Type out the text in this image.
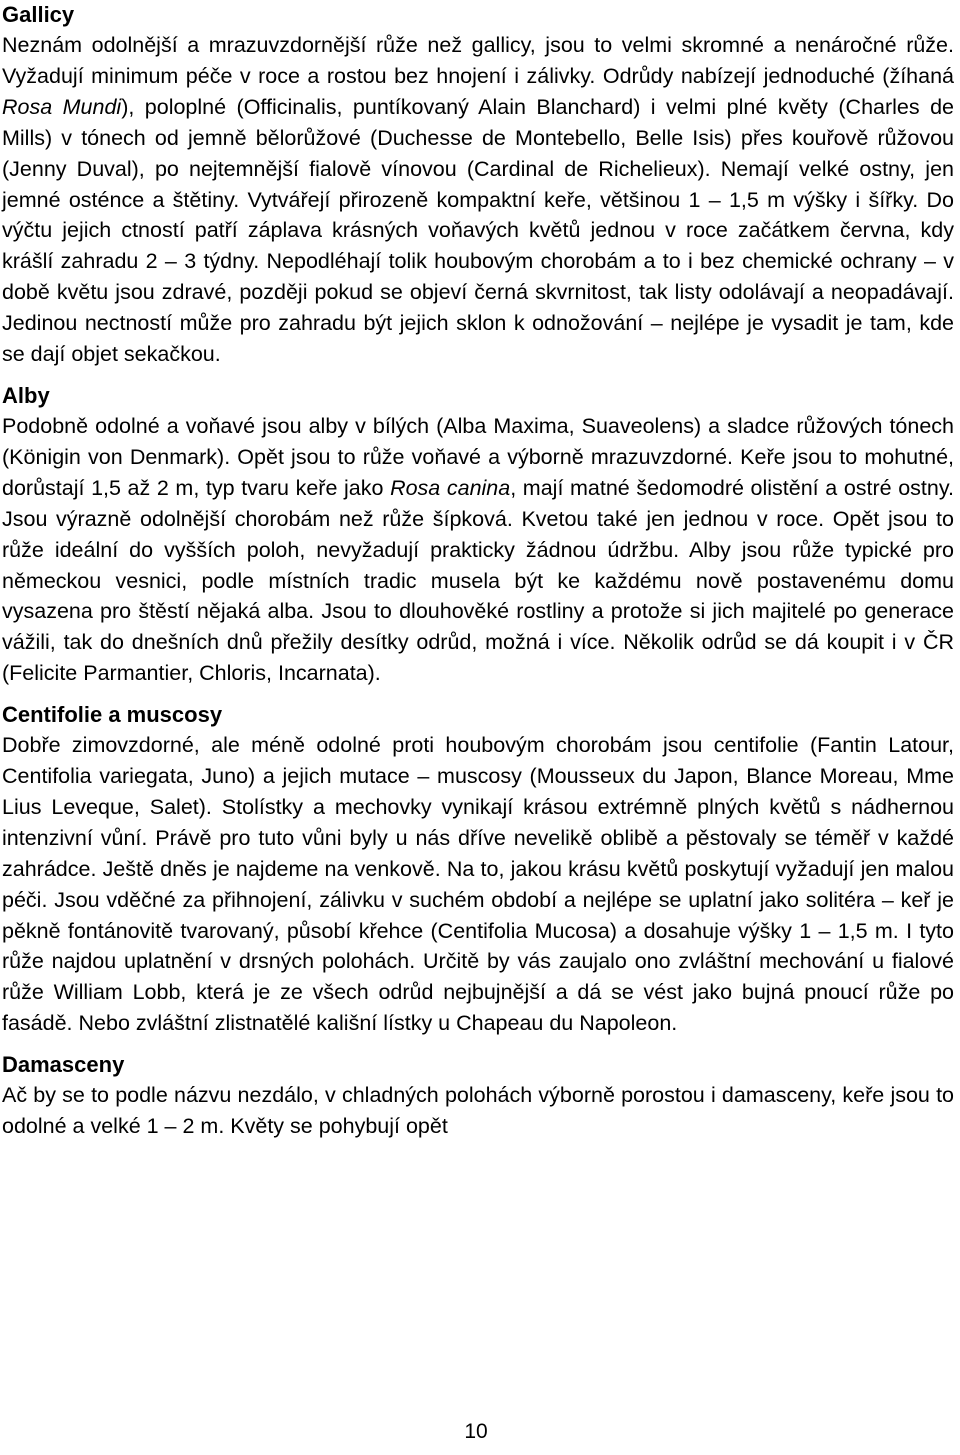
Gallicy

Neznám odolnější a mrazuvzdornější růže než gallicy, jsou to velmi skromné a nenáročné růže. Vyžadují minimum péče v roce a rostou bez hnojení i zálivky. Odrůdy nabízejí jednoduché (žíhaná Rosa Mundi), poloplné (Officinalis, puntíkovaný Alain Blanchard) i velmi plné květy (Charles de Mills) v tónech od jemně bělorůžové (Duchesse de Montebello, Belle Isis) přes kouřově růžovou (Jenny Duval), po nejtemnější fialově vínovou (Cardinal de Richelieux). Nemají velké ostny, jen jemné osténce a štětiny. Vytvářejí přirozeně kompaktní keře, většinou 1 – 1,5 m výšky i šířky. Do výčtu jejich ctností patří záplava krásných voňavých květů jednou v roce začátkem června, kdy krášlí zahradu 2 – 3 týdny. Nepodléhají tolik houbovým chorobám a to i bez chemické ochrany – v době květu jsou zdravé, později pokud se objeví černá skvrnitost, tak listy odolávají a neopadávají. Jedinou nectností může pro zahradu být jejich sklon k odnožování – nejlépe je vysadit je tam, kde se dají objet sekačkou.

Alby

Podobně odolné a voňavé jsou alby v bílých (Alba Maxima, Suaveolens) a sladce růžových tónech (Königin von Denmark). Opět jsou to růže voňavé a výborně mrazuvzdorné. Keře jsou to mohutné, dorůstají 1,5 až 2 m, typ tvaru keře jako Rosa canina, mají matné šedomodré olistění a ostré ostny. Jsou výrazně odolnější chorobám než růže šípková. Kvetou také jen jednou v roce. Opět jsou to růže ideální do vyšších poloh, nevyžadují prakticky žádnou údržbu. Alby jsou růže typické pro německou vesnici, podle místních tradic musela být ke každému nově postavenému domu vysazena pro štěstí nějaká alba. Jsou to dlouhověké rostliny a protože si jich majitelé po generace vážili, tak do dnešních dnů přežily desítky odrůd, možná i více. Několik odrůd se dá koupit i v ČR (Felicite Parmantier, Chloris, Incarnata).

Centifolie a muscosy

Dobře zimovzdorné, ale méně odolné proti houbovým chorobám jsou centifolie (Fantin Latour, Centifolia variegata, Juno) a jejich mutace – muscosy (Mousseux du Japon, Blance Moreau, Mme Lius Leveque, Salet). Stolístky a mechovky vynikají krásou extrémně plných květů s nádhernou intenzivní vůní. Právě pro tuto vůni byly u nás dříve nevelikě oblibě a pěstovaly se téměř v každé zahrádce. Ještě dněs je najdeme na venkově. Na to, jakou krásu květů poskytují vyžadují jen malou péči. Jsou vděčné za přihnojení, zálivku v suchém období a nejlépe se uplatní jako solitéra – keř je pěkně fontánovitě tvarovaný, působí křehce (Centifolia Mucosa) a dosahuje výšky 1 – 1,5 m. I tyto růže najdou uplatnění v drsných polohách. Určitě by vás zaujalo ono zvláštní mechování u fialové růže William Lobb, která je ze všech odrůd nejbujnější a dá se vést jako bujná pnoucí růže po fasádě. Nebo zvláštní zlistnatělé kališní lístky u Chapeau du Napoleon.

Damasceny

Ač by se to podle názvu nezdálo, v chladných polohách výborně porostou i damasceny, keře jsou to odolné a velké 1 – 2 m. Květy se pohybují opět

10
